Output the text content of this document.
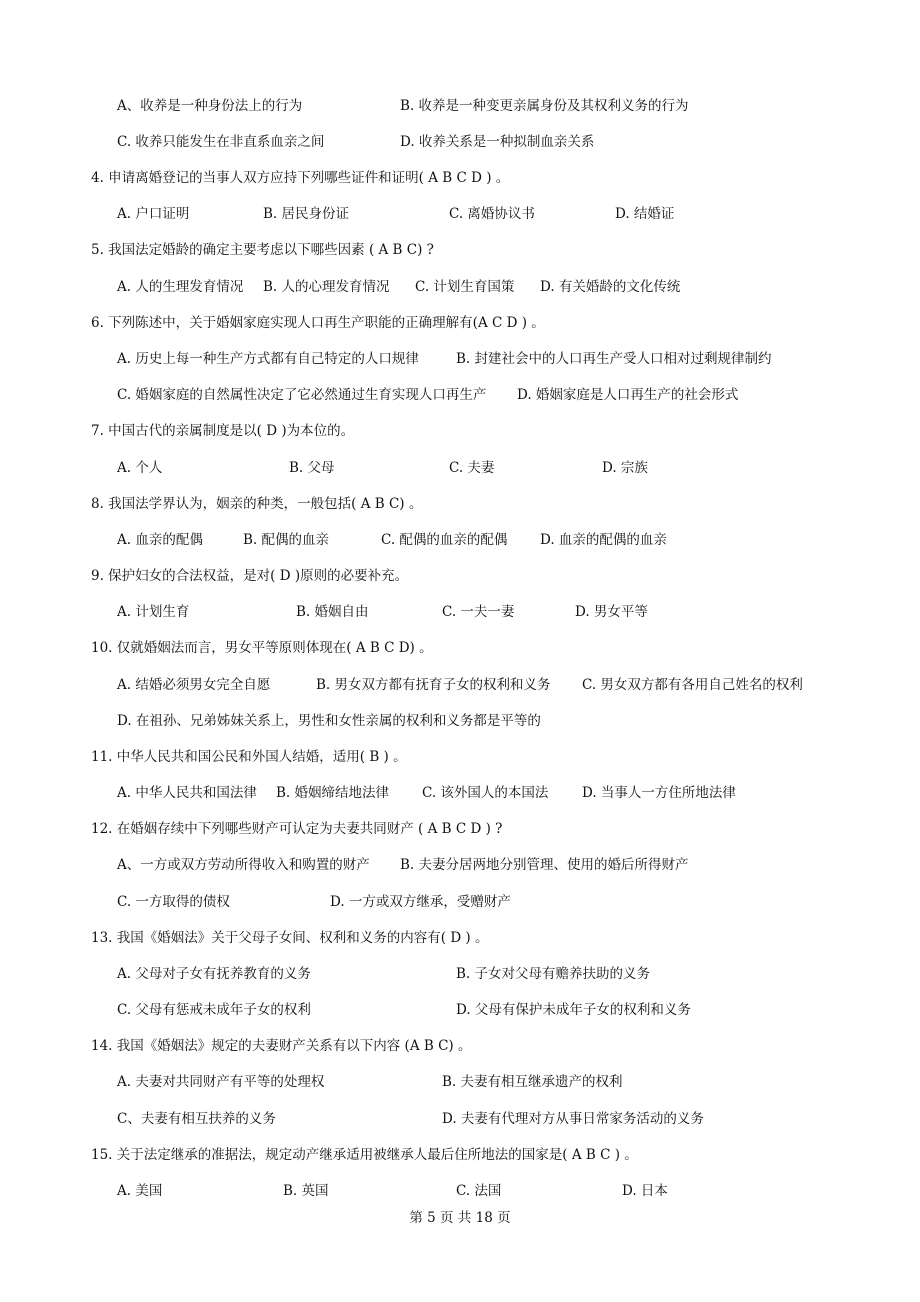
A、收养是一种身份法上的行为	B. 收养是一种变更亲属身份及其权利义务的行为
C. 收养只能发生在非直系血亲之间	D. 收养关系是一种拟制血亲关系
4. 申请离婚登记的当事人双方应持下列哪些证件和证明( A B C D ) 。
A. 户口证明	B. 居民身份证	C. 离婚协议书	D. 结婚证
5. 我国法定婚龄的确定主要考虑以下哪些因素 ( A B C) ?
A. 人的生理发育情况 B. 人的心理发育情况 C. 计划生育国策 D. 有关婚龄的文化传统
6. 下列陈述中，关于婚姻家庭实现人口再生产职能的正确理解有(A C D ) 。
A. 历史上每一种生产方式都有自己特定的人口规律	B. 封建社会中的人口再生产受人口相对过剩规律制约
C. 婚姻家庭的自然属性决定了它必然通过生育实现人口再生产 D. 婚姻家庭是人口再生产的社会形式
7. 中国古代的亲属制度是以( D )为本位的。
A. 个人	B. 父母	C. 夫妻	D. 宗族
8. 我国法学界认为，姻亲的种类，一般包括( A B C) 。
A. 血亲的配偶	B. 配偶的血亲	C. 配偶的血亲的配偶 D. 血亲的配偶的血亲
9. 保护妇女的合法权益，是对( D )原则的必要补充。
A. 计划生育	B. 婚姻自由	C. 一夫一妻	D. 男女平等
10. 仅就婚姻法而言，男女平等原则体现在( A B C D) 。
A. 结婚必须男女完全自愿	B. 男女双方都有抚育子女的权利和义务 C. 男女双方都有各用自己姓名的权利
D. 在祖孙、兄弟姊妹关系上，男性和女性亲属的权利和义务都是平等的
11. 中华人民共和国公民和外国人结婚，适用( B ) 。
A. 中华人民共和国法律 B. 婚姻缔结地法律 C. 该外国人的本国法 D. 当事人一方住所地法律
12. 在婚姻存续中下列哪些财产可认定为夫妻共同财产 ( A B C D ) ?
A、一方或双方劳动所得收入和购置的财产 B. 夫妻分居两地分别管理、使用的婚后所得财产
C. 一方取得的债权	D. 一方或双方继承，受赠财产
13. 我国《婚姻法》关于父母子女间、权利和义务的内容有( D ) 。
A. 父母对子女有抚养教育的义务	B. 子女对父母有赡养扶助的义务
C. 父母有惩戒未成年子女的权利	D. 父母有保护未成年子女的权利和义务
14. 我国《婚姻法》规定的夫妻财产关系有以下内容 (A B C) 。
A. 夫妻对共同财产有平等的处理权	B. 夫妻有相互继承遗产的权利
C、夫妻有相互扶养的义务	D. 夫妻有代理对方从事日常家务活动的义务
15. 关于法定继承的准据法，规定动产继承适用被继承人最后住所地法的国家是( A B C ) 。
A. 美国	B. 英国	C. 法国	D. 日本
第 5 页 共 18 页
